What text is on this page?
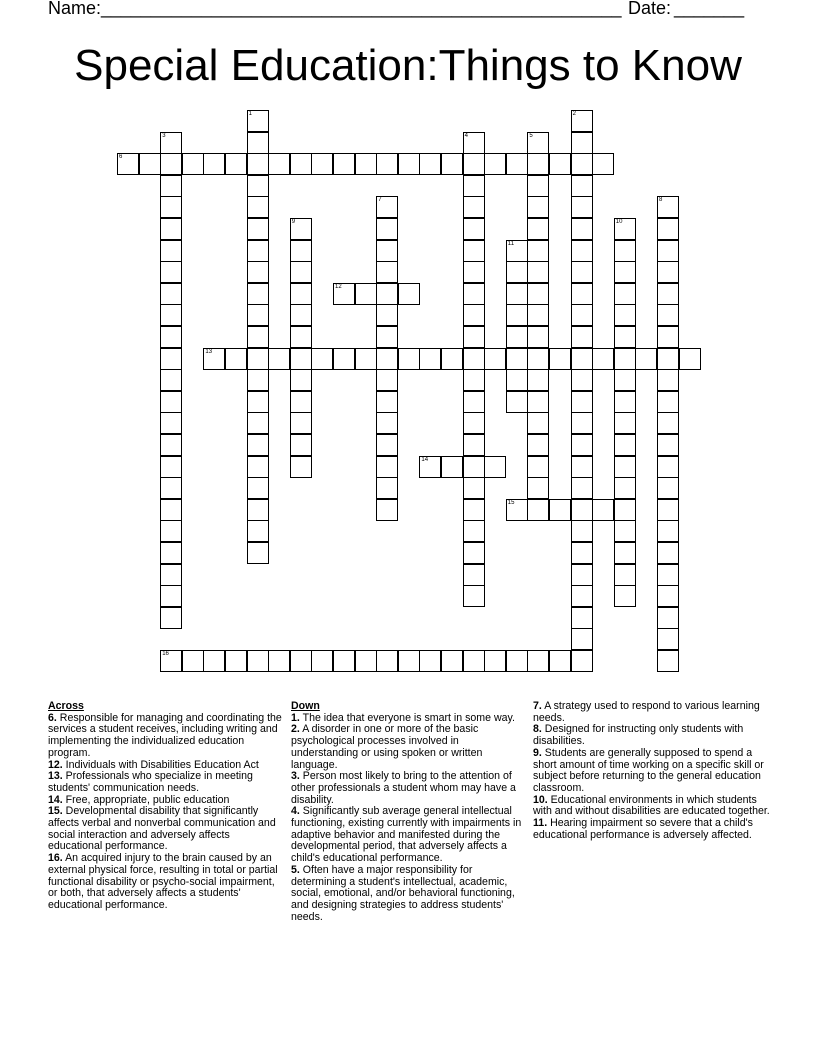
Name: ____________________________________________________ Date: _______
Special Education:Things to Know
1	2
3	4	5
6
7	8
9	10
11
12
13
14
15
16
Across

6. Responsible for managing and coordinating the services a student receives, including writing and implementing the individualized education program.

12. Individuals with Disabilities Education Act

13. Professionals who specialize in meeting students' communication needs.

14. Free, appropriate, public education

15. Developmental disability that significantly affects verbal and nonverbal communication and social interaction and adversely affects educational performance.

16. An acquired injury to the brain caused by an external physical force, resulting in total or partial functional disability or psycho-social impairment, or both, that adversely affects a students' educational performance.

Down

1. The idea that everyone is smart in some way.

2. A disorder in one or more of the basic psychological processes involved in understanding or using spoken or written language.

3. Person most likely to bring to the attention of other professionals a student whom may have a disability.

4. Significantly sub average general intellectual functioning, existing currently with impairments in adaptive behavior and manifested during the developmental period, that adversely affects a child's educational performance.

5. Often have a major responsibility for determining a student's intellectual, academic, social, emotional, and/or behavioral functioning, and designing strategies to address students' needs.

7. A strategy used to respond to various learning needs.

8. Designed for instructing only students with disabilities.

9. Students are generally supposed to spend a short amount of time working on a specific skill or subject before returning to the general education classroom.

10. Educational environments in which students with and without disabilities are educated together.

11. Hearing impairment so severe that a child's educational performance is adversely affected.
